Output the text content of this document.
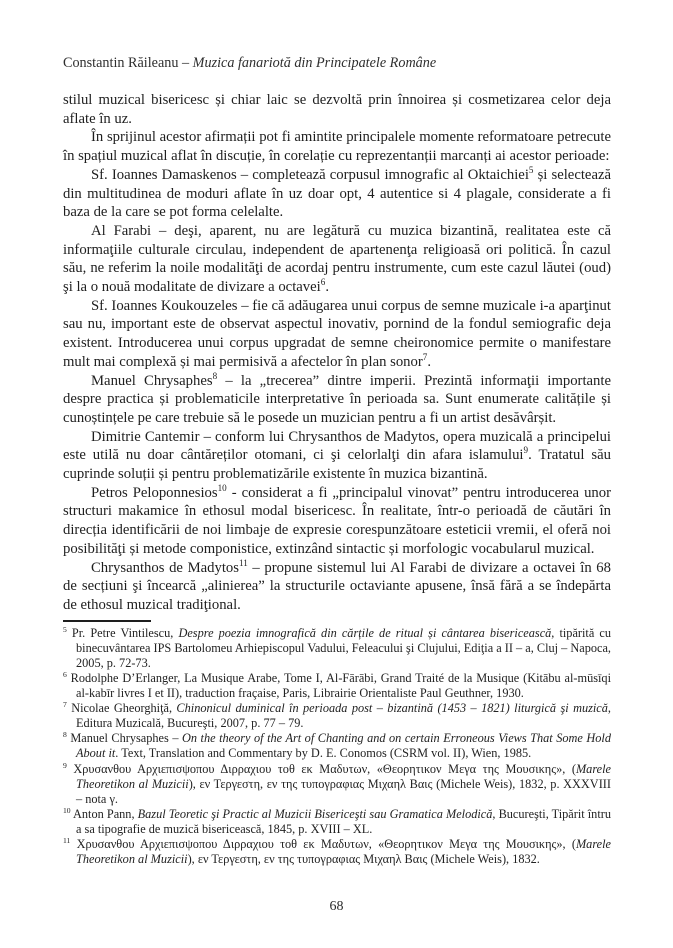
Constantin Răileanu – Muzica fanariotă din Principatele Române

stilul muzical bisericesc și chiar laic se dezvoltă prin înnoirea și cosmetizarea celor deja aflate în uz.

În sprijinul acestor afirmații pot fi amintite principalele momente reformatoare petrecute în spațiul muzical aflat în discuție, în corelație cu reprezentanții marcanți ai acestor perioade:

Sf. Ioannes Damaskenos – completează corpusul imnografic al Oktaichiei$^5$ și selectează din multitudinea de moduri aflate în uz doar opt, 4 autentice si 4 plagale, considerate a fi baza de la care se pot forma celelalte.

Al Farabi – deşi, aparent, nu are legătură cu muzica bizantină, realitatea este că informaţiile culturale circulau, independent de apartenenţa religioasă ori politică. În cazul său, ne referim la noile modalităţi de acordaj pentru instrumente, cum este cazul lăutei (oud) şi la o nouă modalitate de divizare a octavei$^6$.

Sf. Ioannes Koukouzeles – fie că adăugarea unui corpus de semne muzicale i-a aparţinut sau nu, important este de observat aspectul inovativ, pornind de la fondul semiografic deja existent. Introducerea unui corpus upgradat de semne cheironomice permite o manifestare mult mai complexă și mai permisivă a afectelor în plan sonor$^7$.

Manuel Chrysaphes$^8$ – la „trecerea” dintre imperii. Prezintă informaţii importante despre practica și problematicile interpretative în perioada sa. Sunt enumerate calitățile și cunoștințele pe care trebuie să le posede un muzician pentru a fi un artist desăvârșit.

Dimitrie Cantemir – conform lui Chrysanthos de Madytos, opera muzicală a principelui este utilă nu doar cântăreților otomani, ci şi celorlalţi din afara islamului$^9$. Tratatul său cuprinde soluții și pentru problematizările existente în muzica bizantină.

Petros Peloponnesios$^{10}$ - considerat a fi „principalul vinovat” pentru introducerea unor structuri makamice în ethosul modal bisericesc. În realitate, într-o perioadă de căutări în direcția identificării de noi limbaje de expresie corespunzătoare esteticii vremii, el oferă noi posibilităţi și metode componistice, extinzând sintactic și morfologic vocabularul muzical.

Chrysanthos de Madytos$^{11}$ – propune sistemul lui Al Farabi de divizare a octavei în 68 de secțiuni şi încearcă „alinierea” la structurile octaviante apusene, însă fără a se îndepărta de ethosul muzical tradiţional.

$^5$ Pr. Petre Vintilescu, Despre poezia imnografică din cărțile de ritual și cântarea bisericească, tipărită cu binecuvântarea IPS Bartolomeu Arhiepiscopul Vadului, Feleacului şi Clujului, Ediţia a II – a, Cluj – Napoca, 2005, p. 72-73.

$^6$ Rodolphe D’Erlanger, La Musique Arabe, Tome I, Al-Fārābi, Grand Traité de la Musique (Kitābu al-mūsīqi al-kabīr livres I et II), traduction fraçaise, Paris, Librairie Orientaliste Paul Geuthner, 1930.

$^7$ Nicolae Gheorghiţă, Chinonicul duminical în perioada post – bizantină (1453 – 1821) liturgică şi muzică, Editura Muzicală, Bucureşti, 2007, p. 77 – 79.

$^8$ Manuel Chrysaphes – On the theory of the Art of Chanting and on certain Erroneous Views That Some Hold About it. Text, Translation and Commentary by D. E. Conomos (CSRM vol. II), Wien, 1985.

$^9$ Χρυσανθου Αρχιεπισψοπου Διρραχιου τοθ εκ Μαδυτων, «Θεορητικον Μεγα της Μουσικης», (Marele Theoretikon al Muzicii), εν Τεργεστη, εν της τυπογραφιας Μιχαηλ Βαις (Michele Weis), 1832, p. XXXVIII – nota γ.

$^{10}$ Anton Pann, Bazul Teoretic şi Practic al Muzicii Bisericeşti sau Gramatica Melodică, Bucureşti, Tipărit întru a sa tipografie de muzică bisericească, 1845, p. XVIII – XL.

$^{11}$ Χρυσανθου Αρχιεπισψοπου Διρραχιου τοθ εκ Μαδυτων, «Θεορητικον Μεγα της Μουσικης», (Marele Theoretikon al Muzicii), εν Τεργεστη, εν της τυπογραφιας Μιχαηλ Βαις (Michele Weis), 1832.

68
